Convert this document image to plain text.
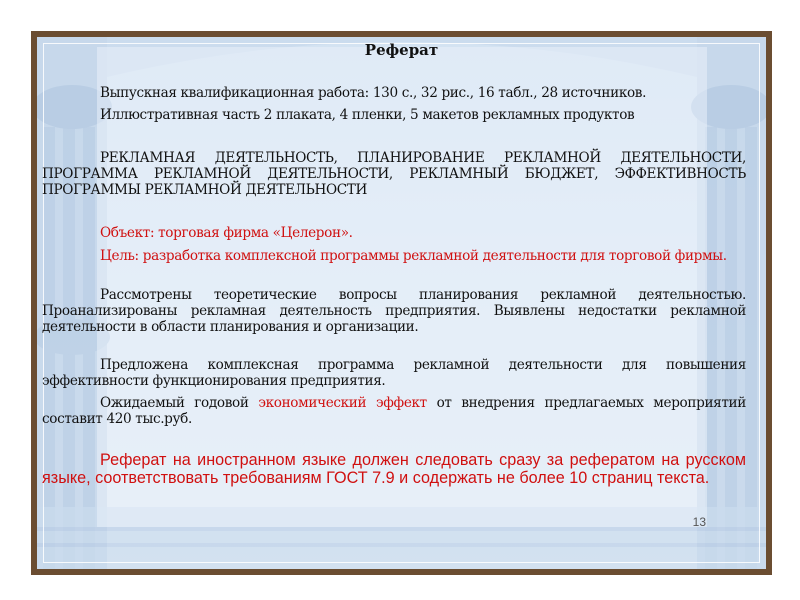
Реферат
Выпускная квалификационная работа: 130 с., 32 рис., 16 табл., 28 источников.
Иллюстративная часть 2 плаката, 4 пленки, 5 макетов рекламных продуктов
РЕКЛАМНАЯ ДЕЯТЕЛЬНОСТЬ, ПЛАНИРОВАНИЕ РЕКЛАМНОЙ ДЕЯТЕЛЬНОСТИ, ПРОГРАММА РЕКЛАМНОЙ ДЕЯТЕЛЬНОСТИ, РЕКЛАМНЫЙ БЮДЖЕТ, ЭФФЕКТИВНОСТЬ ПРОГРАММЫ РЕКЛАМНОЙ ДЕЯТЕЛЬНОСТИ
Объект: торговая фирма «Целерон».
Цель: разработка комплексной программы рекламной деятельности для торговой фирмы.
Рассмотрены теоретические вопросы планирования рекламной деятельностью. Проанализированы рекламная деятельность предприятия. Выявлены недостатки рекламной деятельности в области планирования и организации.
Предложена комплексная программа рекламной деятельности для повышения эффективности функционирования предприятия.
Ожидаемый годовой экономический эффект от внедрения предлагаемых мероприятий составит 420 тыс.руб.
Реферат на иностранном языке должен следовать сразу за рефератом на русском языке, соответствовать требованиям ГОСТ 7.9 и содержать не более 10 страниц текста.
13
